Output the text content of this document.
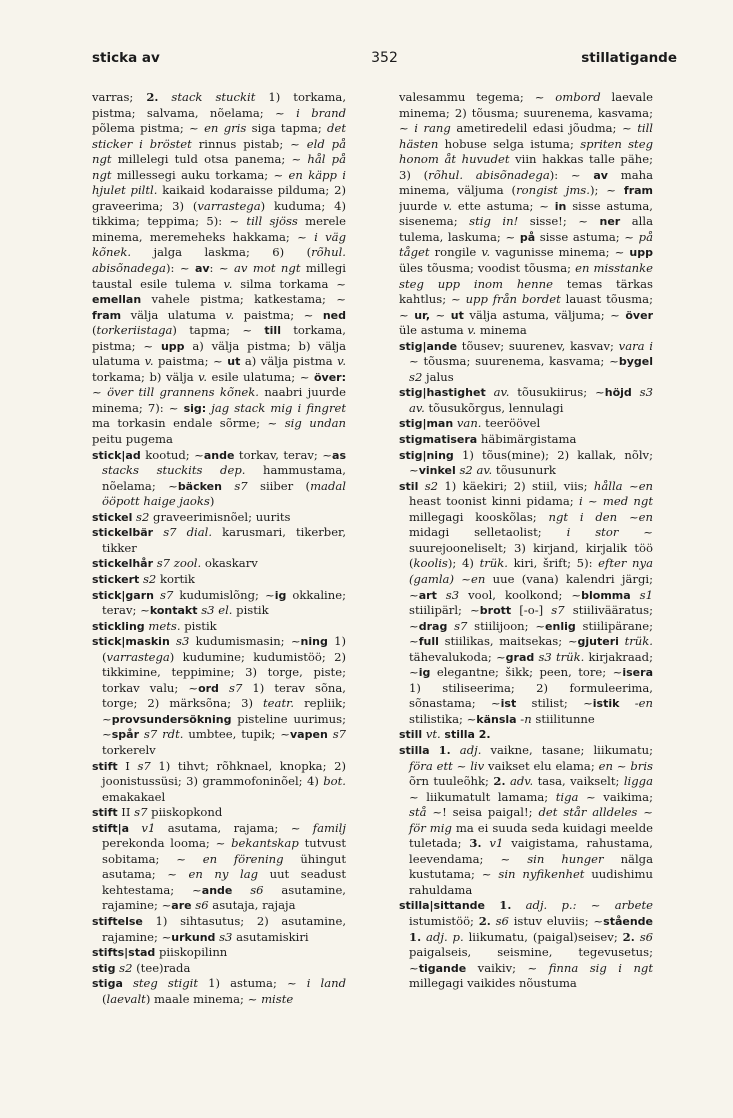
sticka av	352	stillatigande

varras; 2. stack stuckit 1) torkama, pistma; salvama, nõelama; ~ i brand põlema pistma; ~ en gris siga tapma; det sticker i bröstet rinnus pistab; ~ eld på ngt millelegi tuld otsa panema; ~ hål på ngt millessegi auku torkama; ~ en käpp i hjulet piltl. kaikaid kodaraisse pilduma; 2) graveerima; 3) (varrastega) kuduma; 4) tikkima; teppima; 5): ~ till sjöss merele minema, meremeheks hakkama; ~ i väg kõnek. jalga laskma; 6) (rõhul. abisõnadega): ~ av: ~ av mot ngt millegi taustal esile tulema v. silma torkama ~ emellan vahele pistma; katkestama; ~ fram välja ulatuma v. paistma; ~ ned (torkeriistaga) tapma; ~ till torkama, pistma; ~ upp a) välja pistma; b) välja ulatuma v. paistma; ~ ut a) välja pistma v. torkama; b) välja v. esile ulatuma; ~ över: ~ över till grannens kõnek. naabri juurde minema; 7): ~ sig: jag stack mig i fingret ma torkasin endale sõrme; ~ sig undan peitu pugema

stick|ad kootud; ~ande torkav, terav; ~as stacks stuckits dep. hammustama, nõelama; ~bäcken s7 siiber (madal ööpott haige jaoks)

stickel s2 graveerimisnõel; uurits

stickelbär s7 dial. karusmari, tikerber, tikker

stickelhår s7 zool. okaskarv

stickert s2 kortik

stick|garn s7 kudumislõng; ~ig okkaline; terav; ~kontakt s3 el. pistik

stickling mets. pistik

stick|maskin s3 kudumismasin; ~ning 1) (varrastega) kudumine; kudumistöö; 2) tikkimine, teppimine; 3) torge, piste; torkav valu; ~ord s7 1) terav sõna, torge; 2) märksõna; 3) teatr. repliik; ~provsundersökning pisteline uurimus; ~spår s7 rdt. umbtee, tupik; ~vapen s7 torkerelv

stift I s7 1) tihvt; rõhknael, knopka; 2) joonistussüsi; 3) grammofoninõel; 4) bot. emakakael

stift II s7 piiskopkond

stift|a v1 asutama, rajama; ~ familj perekonda looma; ~ bekantskap tutvust sobitama; ~ en förening ühingut asutama; ~ en ny lag uut seadust kehtestama; ~ande s6 asutamine, rajamine; ~are s6 asutaja, rajaja

stiftelse 1) sihtasutus; 2) asutamine, rajamine; ~urkund s3 asutamiskiri

stifts|stad piiskopilinn

stig s2 (tee)rada

stiga steg stigit 1) astuma; ~ i land (laevalt) maale minema; ~ miste

valesammu tegema; ~ ombord laevale minema; 2) tõusma; suurenema, kasvama; ~ i rang ametiredelil edasi jõudma; ~ till hästen hobuse selga istuma; spriten steg honom åt huvudet viin hakkas talle pähe; 3) (rõhul. abisõnadega): ~ av maha minema, väljuma (rongist jms.); ~ fram juurde v. ette astuma; ~ in sisse astuma, sisenema; stig in! sisse!; ~ ner alla tulema, laskuma; ~ på sisse astuma; ~ på tåget rongile v. vagunisse minema; ~ upp üles tõusma; voodist tõusma; en misstanke steg upp inom henne temas tärkas kahtlus; ~ upp från bordet lauast tõusma; ~ ur, ~ ut välja astuma, väljuma; ~ över üle astuma v. minema

stig|ande tõusev; suurenev, kasvav; vara i ~ tõusma; suurenema, kasvama; ~bygel s2 jalus

stig|hastighet av. tõusukiirus; ~höjd s3 av. tõusukõrgus, lennulagi

stig|man van. teeröövel

stigmatisera häbimärgistama

stig|ning 1) tõus(mine); 2) kallak, nõlv; ~vinkel s2 av. tõusunurk

stil s2 1) käekiri; 2) stiil, viis; hålla ~en heast toonist kinni pidama; i ~ med ngt millegagi kooskõlas; ngt i den ~en midagi selletaolist; i stor ~ suurejooneliselt; 3) kirjand, kirjalik töö (koolis); 4) trük. kiri, šrift; 5): efter nya (gamla) ~en uue (vana) kalendri järgi; ~art s3 vool, koolkond; ~blomma s1 stiilipärl; ~brott [-o-] s7 stiilivääratus; ~drag s7 stiilijoon; ~enlig stiilipärane; ~full stiilikas, maitsekas; ~gjuteri trük. tähevalukoda; ~grad s3 trük. kirjakraad; ~ig elegantne; šikk; peen, tore; ~isera 1) stiliseerima; 2) formuleerima, sõnastama; ~ist stilist; ~istik -en stilistika; ~känsla -n stiilitunne

still vt. stilla 2.

stilla 1. adj. vaikne, tasane; liikumatu; föra ett ~ liv vaikset elu elama; en ~ bris õrn tuuleõhk; 2. adv. tasa, vaikselt; ligga ~ liikumatult lamama; tiga ~ vaikima; stå ~! seisa paigal!; det står alldeles ~ för mig ma ei suuda seda kuidagi meelde tuletada; 3. v1 vaigistama, rahustama, leevendama; ~ sin hunger nälga kustutama; ~ sin nyfikenhet uudishimu rahuldama

stilla|sittande 1. adj. p.: ~ arbete istumistöö; 2. s6 istuv eluviis; ~stående 1. adj. p. liikumatu, (paigal)seisev; 2. s6 paigalseis, seismine, tegevusetus; ~tigande vaikiv; ~ finna sig i ngt millegagi vaikides nõustuma
